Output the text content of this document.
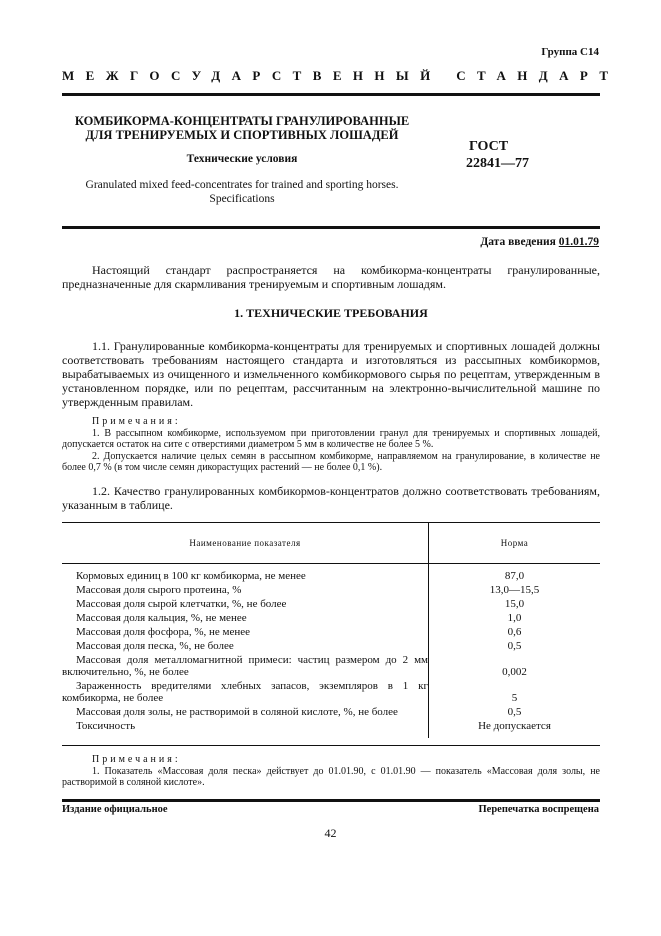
Группа С14
МЕЖГОСУДАРСТВЕННЫЙ СТАНДАРТ
КОМБИКОРМА-КОНЦЕНТРАТЫ ГРАНУЛИРОВАННЫЕ
ДЛЯ ТРЕНИРУЕМЫХ И СПОРТИВНЫХ ЛОШАДЕЙ
Технические условия
Granulated mixed feed-concentrates for trained and sporting horses.
Specifications
ГОСТ
22841—77
Дата введения 01.01.79
Настоящий стандарт распространяется на комбикорма-концентраты гранулированные, предназначенные для скармливания тренируемым и спортивным лошадям.
1. ТЕХНИЧЕСКИЕ ТРЕБОВАНИЯ
1.1. Гранулированные комбикорма-концентраты для тренируемых и спортивных лошадей должны соответствовать требованиям настоящего стандарта и изготовляться из рассыпных комбикормов, вырабатываемых из очищенного и измельченного комбикормового сырья по рецептам, утвержденным в установленном порядке, или по рецептам, рассчитанным на электронно-вычислительной машине по утвержденным правилам.
Примечания:
1. В рассыпном комбикорме, используемом при приготовлении гранул для тренируемых и спортивных лошадей, допускается остаток на сите с отверстиями диаметром 5 мм в количестве не более 5 %.
2. Допускается наличие целых семян в рассыпном комбикорме, направляемом на гранулирование, в количестве не более 0,7 % (в том числе семян дикорастущих растений — не более 0,1 %).
1.2. Качество гранулированных комбикормов-концентратов должно соответствовать требованиям, указанным в таблице.
Наименование показателя	Норма
Кормовых единиц в 100 кг комбикорма, не менее	87,0
Массовая доля сырого протеина, %	13,0—15,5
Массовая доля сырой клетчатки, %, не более	15,0
Массовая доля кальция, %, не менее	1,0
Массовая доля фосфора, %, не менее	0,6
Массовая доля песка, %, не более	0,5
Массовая доля металломагнитной примеси: частиц размером до 2 мм включительно, %, не более	0,002
Зараженность вредителями хлебных запасов, экземпляров в 1 кг комбикорма, не более	5
Массовая доля золы, не растворимой в соляной кислоте, %, не более	0,5
Токсичность	Не допускается
Примечания:
1. Показатель «Массовая доля песка» действует до 01.01.90, с 01.01.90 — показатель «Массовая доля золы, не растворимой в соляной кислоте».
Издание официальное	Перепечатка воспрещена
42
